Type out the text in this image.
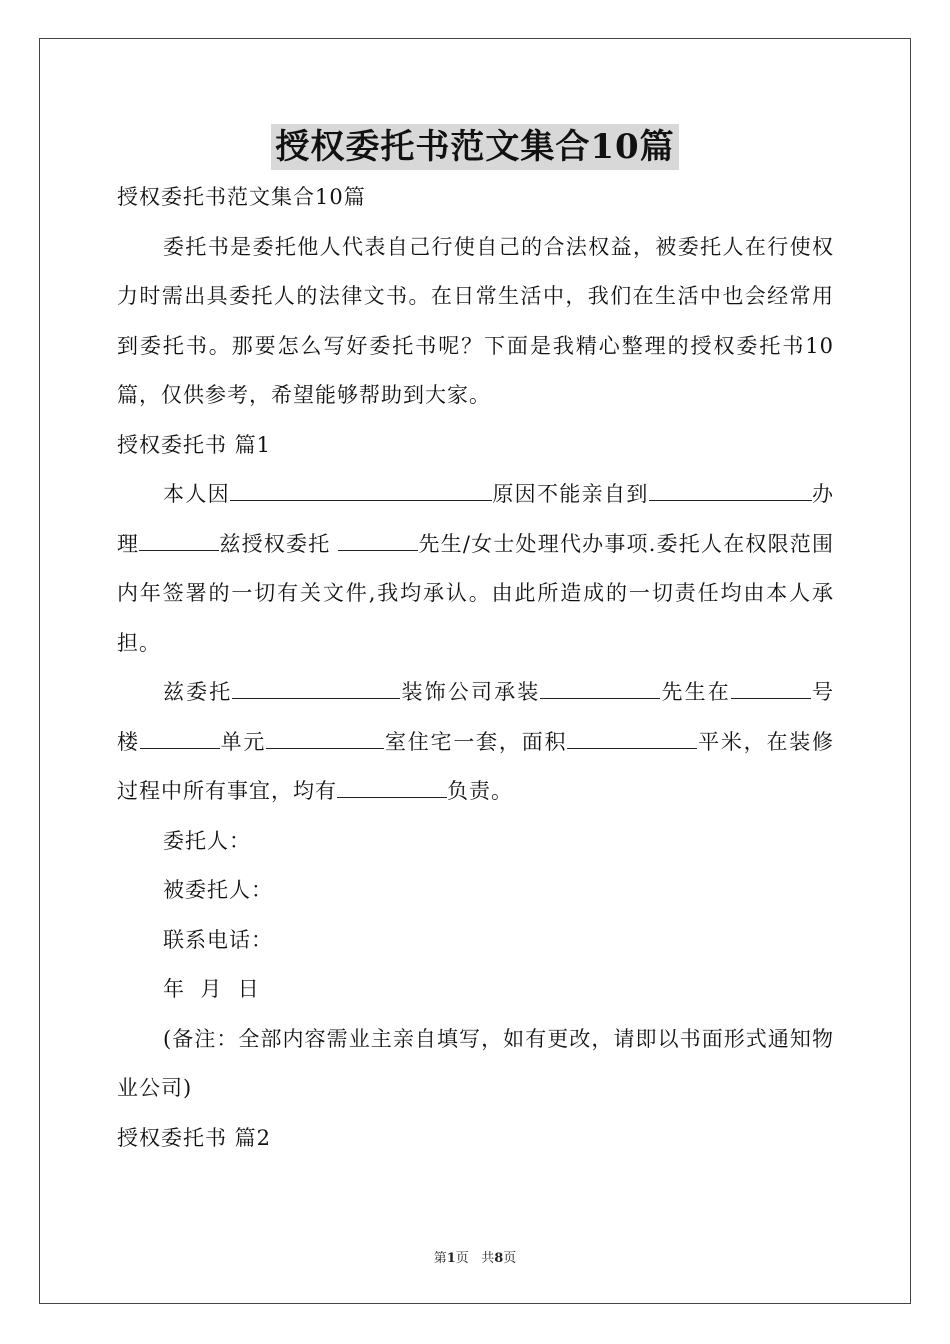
授权委托书范文集合10篇
授权委托书范文集合10篇
委托书是委托他人代表自己行使自己的合法权益，被委托人在行使权力时需出具委托人的法律文书。在日常生活中，我们在生活中也会经常用到委托书。那要怎么写好委托书呢？下面是我精心整理的授权委托书10篇，仅供参考，希望能够帮助到大家。
授权委托书 篇1
本人因	原因不能亲自到	办理	兹授权委托	先生/女士处理代办事项.委托人在权限范围内年签署的一切有关文件,我均承认。由此所造成的一切责任均由本人承担。
兹委托	装饰公司承装	先生在	号楼	单元	室住宅一套，面积	平米，在装修过程中所有事宜，均有	负责。
委托人：
被委托人：
联系电话：
年  月  日
(备注：全部内容需业主亲自填写，如有更改，请即以书面形式通知物业公司)
授权委托书 篇2
第1页   共8页
